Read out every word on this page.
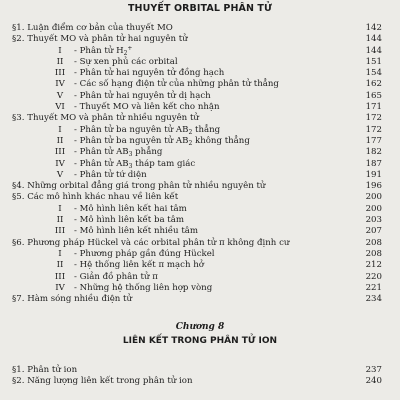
THUYẾT ORBITAL PHÂN TỬ
§1. Luận điểm cơ bản của thuyết MO	142
§2. Thuyết MO và phân tử hai nguyên tử	144
I	- Phân tử $H_2^+$	144
II	- Sự xen phủ các orbital	151
III - Phân tử hai nguyên tử đồng hạch	154
IV - Các số hạng điện tử của những phân tử thẳng	162
V	- Phân tử hai nguyên tử dị hạch	165
VI - Thuyết MO và liên kết cho nhận	171
§3. Thuyết MO và phân tử nhiều nguyên tử	172
I	- Phân tử ba nguyên tử $AB_2$ thẳng	172
II	- Phân tử ba nguyên tử $AB_2$ không thẳng	177
III - Phân tử $AB_3$ phẳng	182
IV - Phân tử $AB_3$ tháp tam giác	187
V	- Phân tử tứ diện	191
§4. Những orbital đẳng giá trong phân tử nhiều nguyên tử	196
§5. Các mô hình khác nhau về liên kết	200
I	- Mô hình liên kết hai tâm	200
II	- Mô hình liên kết ba tâm	203
III - Mô hình liên kết nhiều tâm	207
§6. Phương pháp Hückel và các orbital phân tử π không định cư	208
I	- Phương pháp gần đúng Hückel	208
II	- Hệ thống liên kết π mạch hở	212
III - Giản đồ phân tử π	220
IV - Những hệ thống liên hợp vòng	221
§7. Hàm sóng nhiều điện tử	234
Chương 8
LIÊN KẾT TRONG PHÂN TỬ ION
§1. Phân tử ion	237
§2. Năng lượng liên kết trong phân tử ion	240
